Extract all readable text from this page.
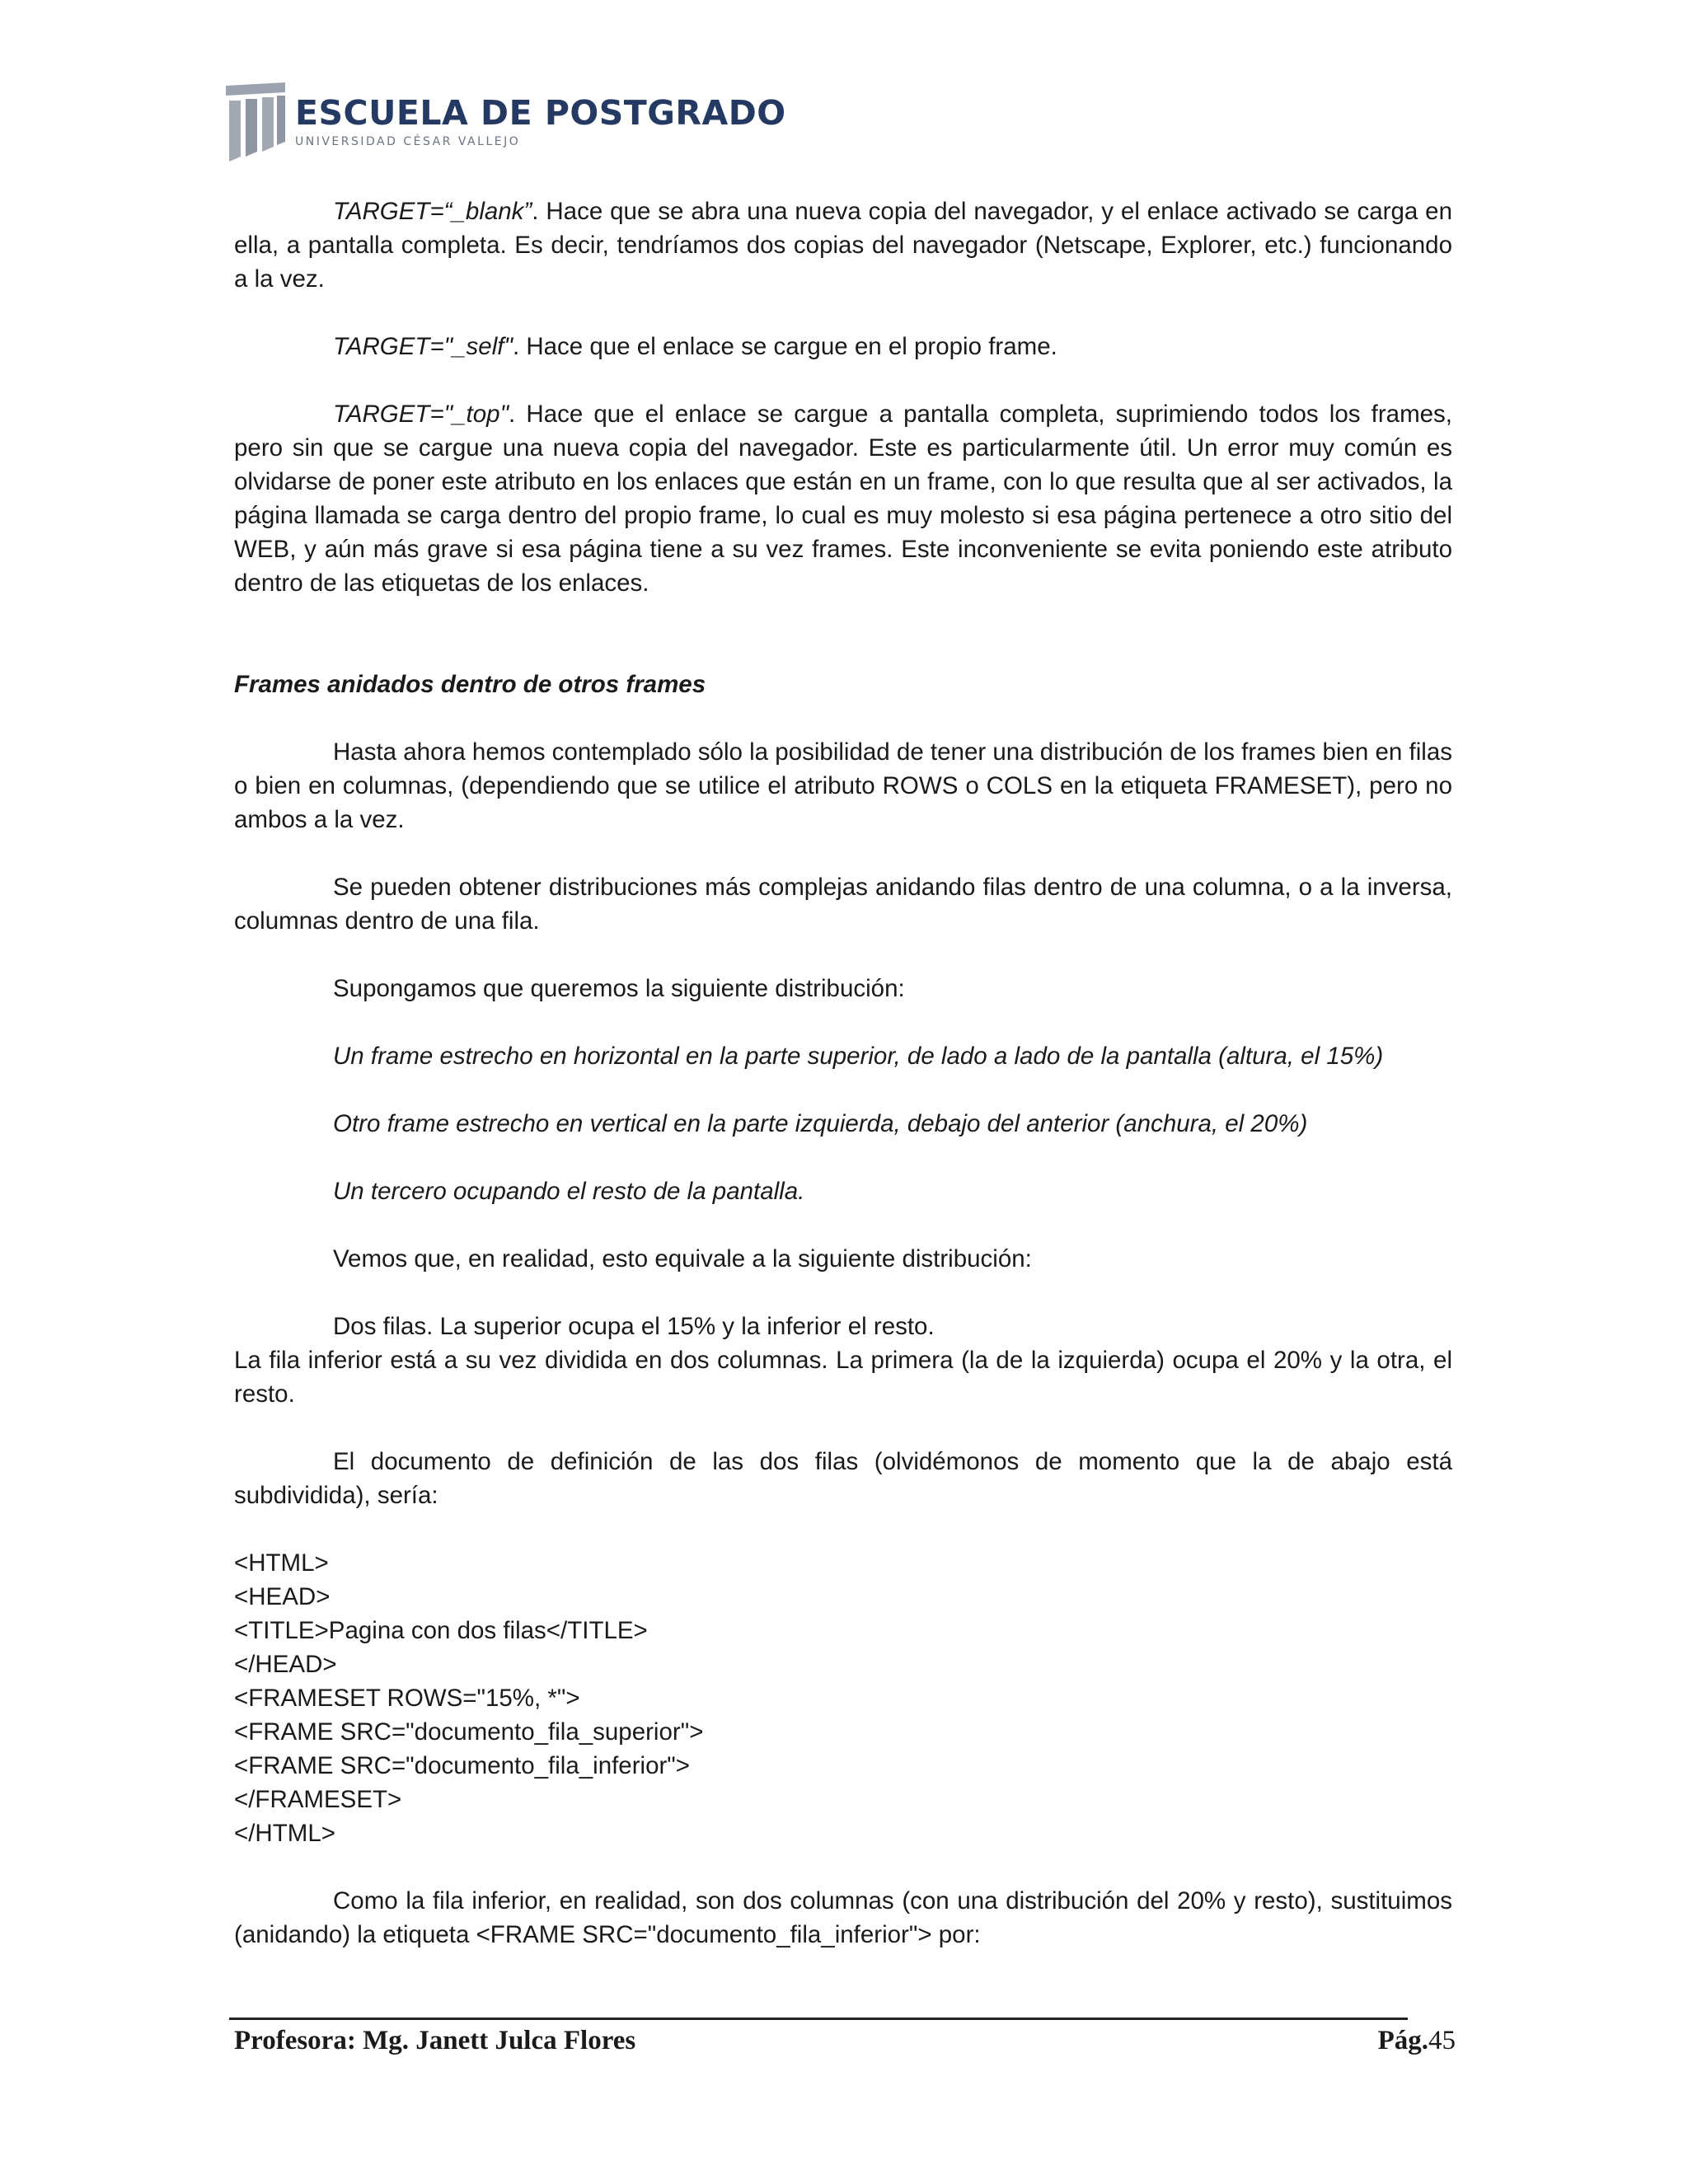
ESCUELA DE POSTGRADO
UNIVERSIDAD CÉSAR VALLEJO

TARGET=“_blank”. Hace que se abra una nueva copia del navegador, y el enlace activado se carga en ella, a pantalla completa. Es decir, tendríamos dos copias del navegador (Netscape, Explorer, etc.) funcionando a la vez.

TARGET="_self". Hace que el enlace se cargue en el propio frame.

TARGET="_top". Hace que el enlace se cargue a pantalla completa, suprimiendo todos los frames, pero sin que se cargue una nueva copia del navegador. Este es particularmente útil. Un error muy común es olvidarse de poner este atributo en los enlaces que están en un frame, con lo que resulta que al ser activados, la página llamada se carga dentro del propio frame, lo cual es muy molesto si esa página pertenece a otro sitio del WEB, y aún más grave si esa página tiene a su vez frames. Este inconveniente se evita poniendo este atributo dentro de las etiquetas de los enlaces.

Frames anidados dentro de otros frames

Hasta ahora hemos contemplado sólo la posibilidad de tener una distribución de los frames bien en filas o bien en columnas, (dependiendo que se utilice el atributo ROWS o COLS en la etiqueta FRAMESET), pero no ambos a la vez.

Se pueden obtener distribuciones más complejas anidando filas dentro de una columna, o a la inversa, columnas dentro de una fila.

Supongamos que queremos la siguiente distribución:

Un frame estrecho en horizontal en la parte superior, de lado a lado de la pantalla (altura, el 15%)

Otro frame estrecho en vertical en la parte izquierda, debajo del anterior (anchura, el 20%)

Un tercero ocupando el resto de la pantalla.

Vemos que, en realidad, esto equivale a la siguiente distribución:

Dos filas. La superior ocupa el 15% y la inferior el resto.

La fila inferior está a su vez dividida en dos columnas. La primera (la de la izquierda) ocupa el 20% y la otra, el resto.

El documento de definición de las dos filas (olvidémonos de momento que la de abajo está subdividida), sería:

<HTML>
<HEAD>
<TITLE>Pagina con dos filas</TITLE>
</HEAD>
<FRAMESET ROWS="15%, *">
<FRAME SRC="documento_fila_superior">
<FRAME SRC="documento_fila_inferior">
</FRAMESET>
</HTML>

Como la fila inferior, en realidad, son dos columnas (con una distribución del 20% y resto), sustituimos (anidando) la etiqueta <FRAME SRC="documento_fila_inferior"> por:

Profesora: Mg. Janett Julca Flores	Pág.45
